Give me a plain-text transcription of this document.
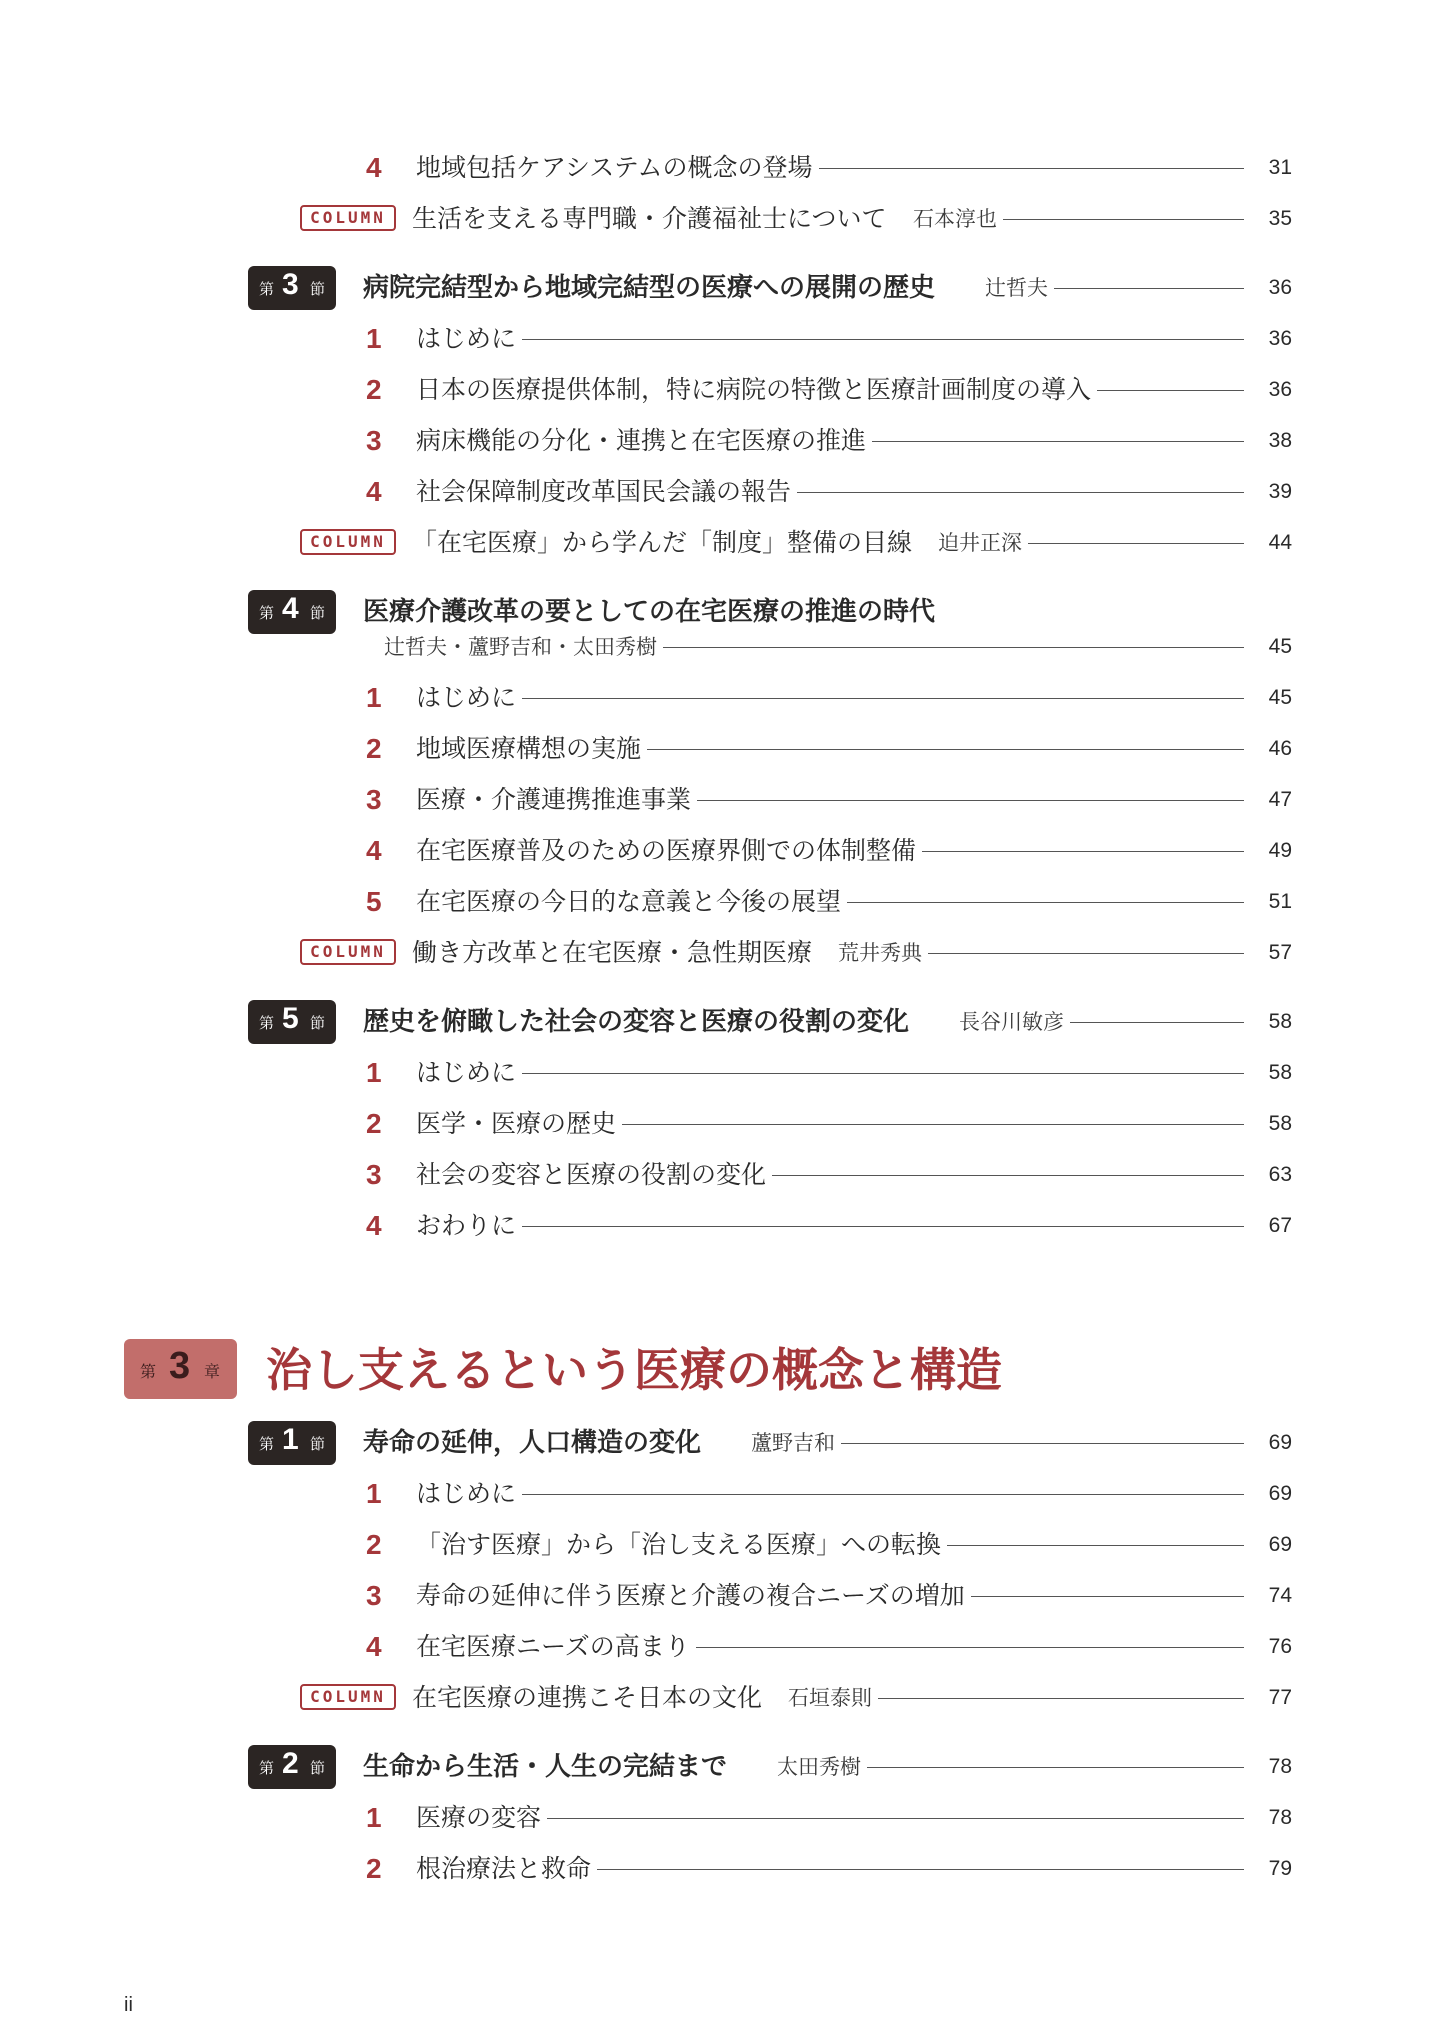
4	地域包括ケアシステムの概念の登場	31
COLUMN	生活を支える専門職・介護福祉士について 石本淳也	35
第 3 節 病院完結型から地域完結型の医療への展開の歴史 辻哲夫	36
1	はじめに	36
2	日本の医療提供体制，特に病院の特徴と医療計画制度の導入	36
3	病床機能の分化・連携と在宅医療の推進	38
4	社会保障制度改革国民会議の報告	39
COLUMN	「在宅医療」から学んだ「制度」整備の目線 迫井正深	44
第 4 節 医療介護改革の要としての在宅医療の推進の時代
辻哲夫・蘆野吉和・太田秀樹	45
1	はじめに	45
2	地域医療構想の実施	46
3	医療・介護連携推進事業	47
4	在宅医療普及のための医療界側での体制整備	49
5	在宅医療の今日的な意義と今後の展望	51
COLUMN	働き方改革と在宅医療・急性期医療 荒井秀典	57
第 5 節 歴史を俯瞰した社会の変容と医療の役割の変化 長谷川敏彦	58
1	はじめに	58
2	医学・医療の歴史	58
3	社会の変容と医療の役割の変化	63
4	おわりに	67
第 1 節 寿命の延伸，人口構造の変化 蘆野吉和	69
1	はじめに	69
2	「治す医療」から「治し支える医療」への転換	69
3	寿命の延伸に伴う医療と介護の複合ニーズの増加	74
4	在宅医療ニーズの高まり	76
COLUMN	在宅医療の連携こそ日本の文化 石垣泰則	77
第 2 節 生命から生活・人生の完結まで 太田秀樹	78
1	医療の変容	78
2	根治療法と救命	79
第 3 章 治し支えるという医療の概念と構造
ii
